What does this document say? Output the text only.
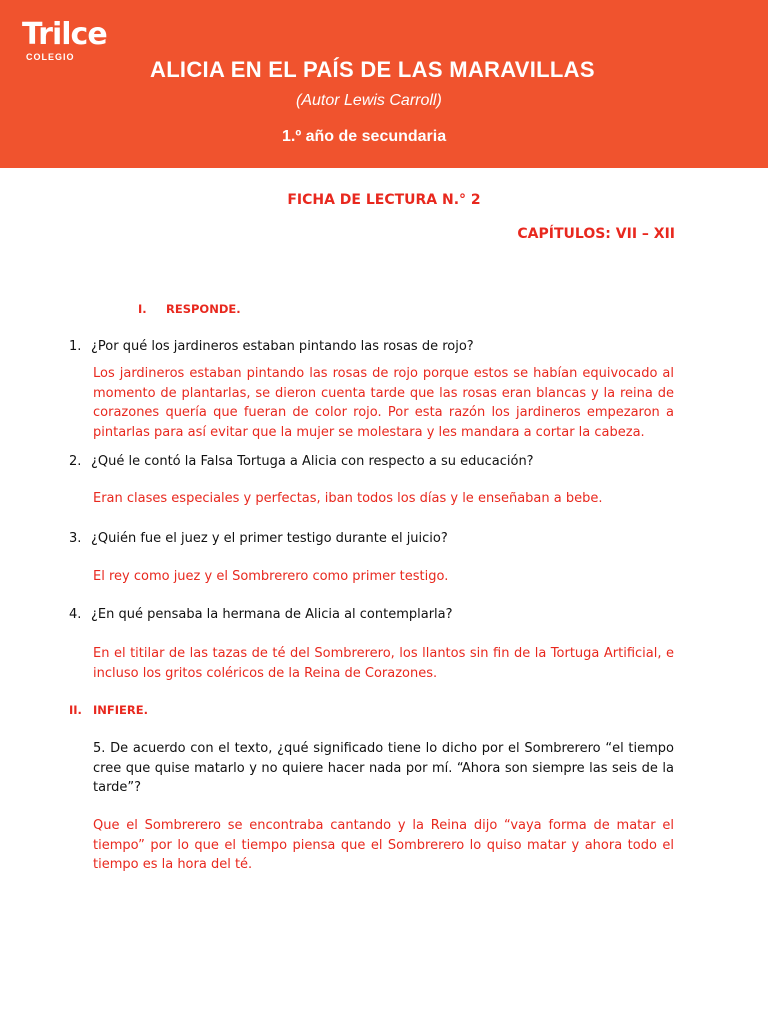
Trilce
COLEGIO	ALICIA EN EL PAÍS DE LAS MARAVILLAS
(Autor Lewis Carroll)
1.º año de secundaria
FICHA DE LECTURA N.° 2
CAPÍTULOS: VII – XII
I. RESPONDE.
1. ¿Por qué los jardineros estaban pintando las rosas de rojo?
Los jardineros estaban pintando las rosas de rojo porque estos se habían equivocado al momento de plantarlas, se dieron cuenta tarde que las rosas eran blancas y la reina de corazones quería que fueran de color rojo. Por esta razón los jardineros empezaron a pintarlas para así evitar que la mujer se molestara y les mandara a cortar la cabeza.
2. ¿Qué le contó la Falsa Tortuga a Alicia con respecto a su educación?
Eran clases especiales y perfectas, iban todos los días y le enseñaban a bebe.
3. ¿Quién fue el juez y el primer testigo durante el juicio?
El rey como juez y el Sombrerero como primer testigo.
4. ¿En qué pensaba la hermana de Alicia al contemplarla?
En el titilar de las tazas de té del Sombrerero, los llantos sin fin de la Tortuga Artificial, e incluso los gritos coléricos de la Reina de Corazones.
II. INFIERE.
5. De acuerdo con el texto, ¿qué significado tiene lo dicho por el Sombrerero “el tiempo cree que quise matarlo y no quiere hacer nada por mí. “Ahora son siempre las seis de la tarde”?
Que el Sombrerero se encontraba cantando y la Reina dijo “vaya forma de matar el tiempo” por lo que el tiempo piensa que el Sombrerero lo quiso matar y ahora todo el tiempo es la hora del té.
